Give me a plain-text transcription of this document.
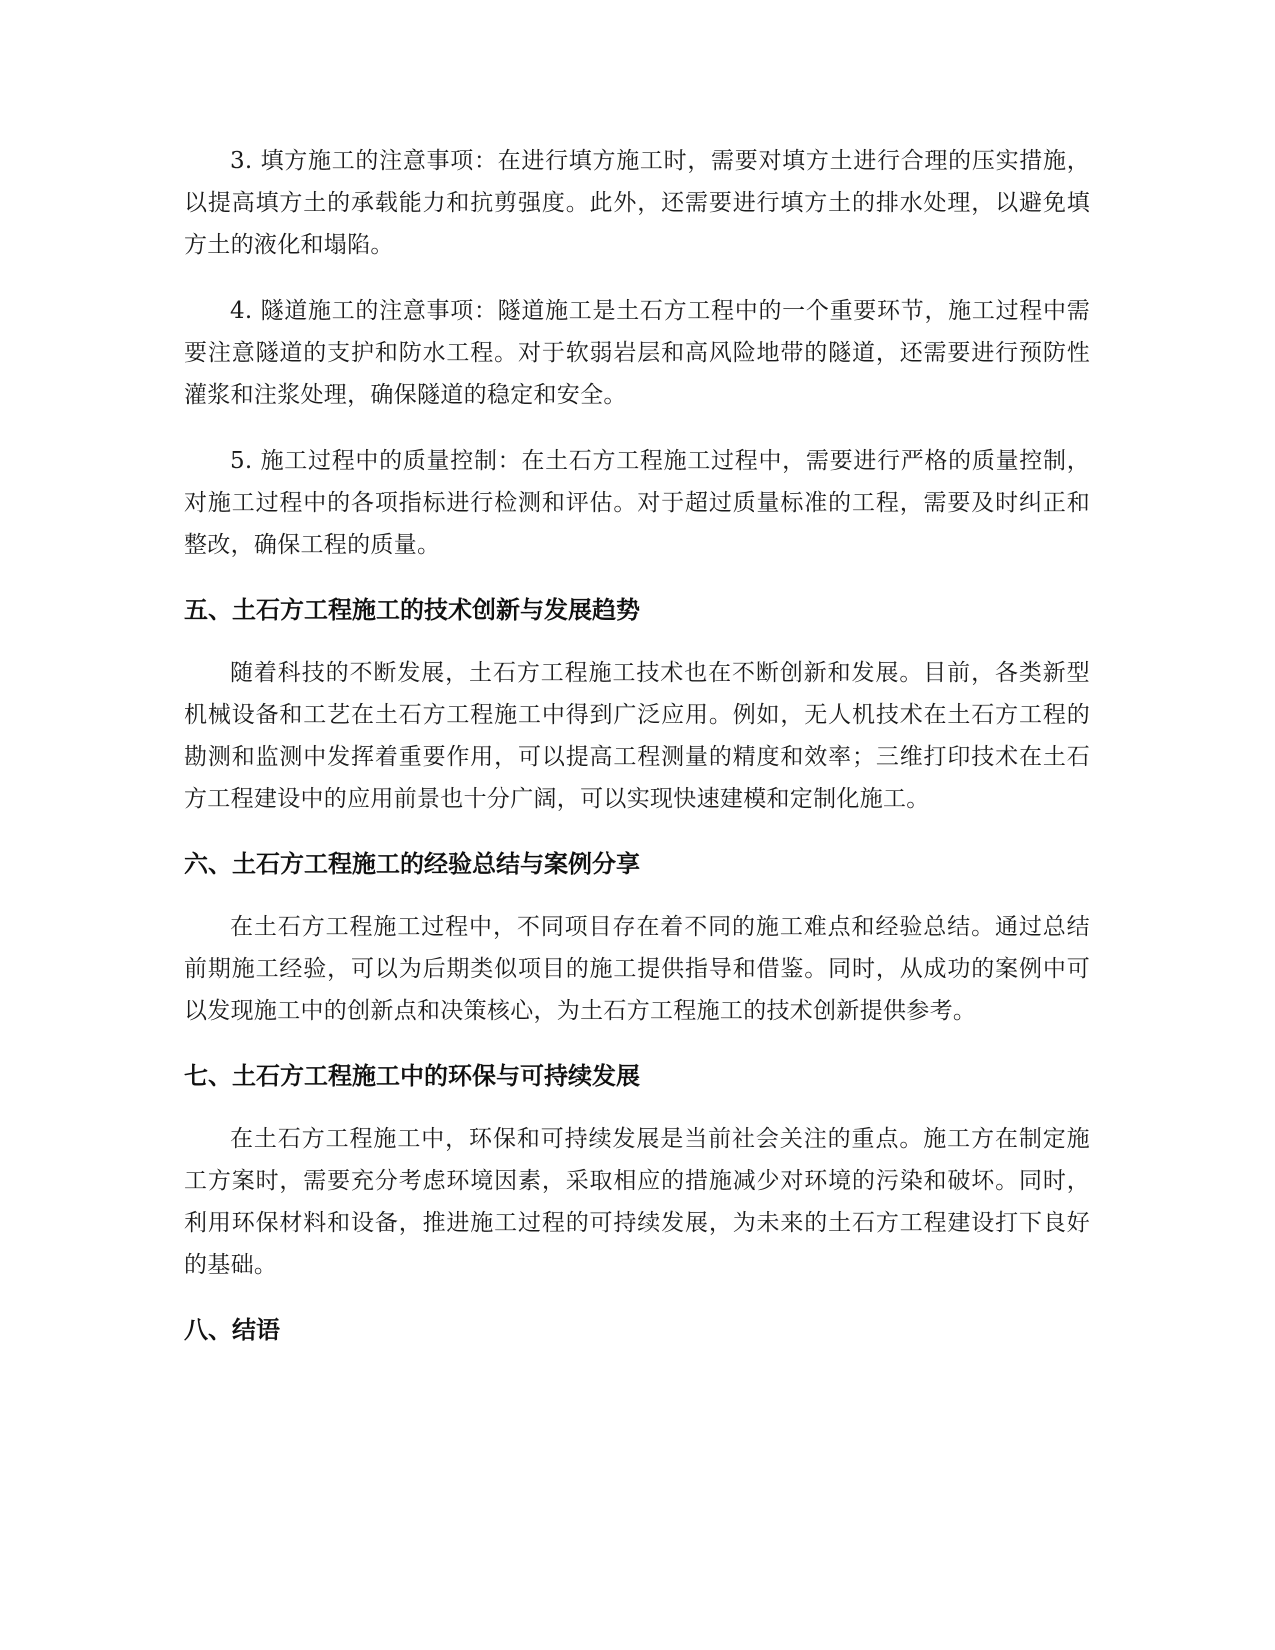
3. 填方施工的注意事项：在进行填方施工时，需要对填方土进行合理的压实措施，以提高填方土的承载能力和抗剪强度。此外，还需要进行填方土的排水处理，以避免填方土的液化和塌陷。

4. 隧道施工的注意事项：隧道施工是土石方工程中的一个重要环节，施工过程中需要注意隧道的支护和防水工程。对于软弱岩层和高风险地带的隧道，还需要进行预防性灌浆和注浆处理，确保隧道的稳定和安全。

5. 施工过程中的质量控制：在土石方工程施工过程中，需要进行严格的质量控制，对施工过程中的各项指标进行检测和评估。对于超过质量标准的工程，需要及时纠正和整改，确保工程的质量。

五、土石方工程施工的技术创新与发展趋势

随着科技的不断发展，土石方工程施工技术也在不断创新和发展。目前，各类新型机械设备和工艺在土石方工程施工中得到广泛应用。例如，无人机技术在土石方工程的勘测和监测中发挥着重要作用，可以提高工程测量的精度和效率；三维打印技术在土石方工程建设中的应用前景也十分广阔，可以实现快速建模和定制化施工。

六、土石方工程施工的经验总结与案例分享

在土石方工程施工过程中，不同项目存在着不同的施工难点和经验总结。通过总结前期施工经验，可以为后期类似项目的施工提供指导和借鉴。同时，从成功的案例中可以发现施工中的创新点和决策核心，为土石方工程施工的技术创新提供参考。

七、土石方工程施工中的环保与可持续发展

在土石方工程施工中，环保和可持续发展是当前社会关注的重点。施工方在制定施工方案时，需要充分考虑环境因素，采取相应的措施减少对环境的污染和破坏。同时，利用环保材料和设备，推进施工过程的可持续发展，为未来的土石方工程建设打下良好的基础。

八、结语
